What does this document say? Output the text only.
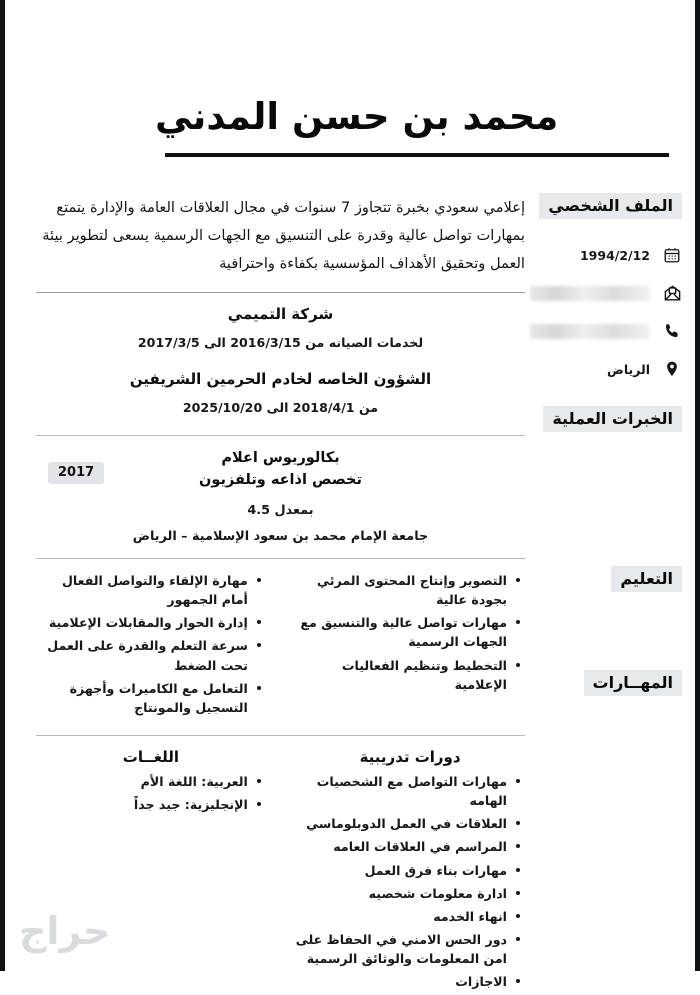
محمد بن حسن المدني
الملف الشخصي
1994/2/12

الرياض
الخبرات العملية
التعليم
المهــارات
إعلامي سعودي بخبرة تتجاوز 7 سنوات في مجال العلاقات العامة والإدارة يتمتع بمهارات تواصل عالية وقدرة على التنسيق مع الجهات الرسمية يسعى لتطوير بيئة العمل وتحقيق الأهداف المؤسسية بكفاءة واحترافية
شركة التميمي
لخدمات الصيانه من 2016/3/15 الى 2017/3/5
الشؤون الخاصه لخادم الحرمين الشريفين
من 2018/4/1 الى 2025/10/20
2017
بكالوريوس اعلام
تخصص اذاعه وتلفزيون
بمعدل 4.5
جامعة الإمام محمد بن سعود الإسلامية – الرياض
التصوير وإنتاج المحتوى المرئي بجودة عالية
مهارات تواصل عالية والتنسيق مع الجهات الرسمية
التخطيط وتنظيم الفعاليات الإعلامية
مهارة الإلقاء والتواصل الفعال أمام الجمهور
إدارة الحوار والمقابلات الإعلامية
سرعة التعلم والقدرة على العمل تحت الضغط
التعامل مع الكاميرات وأجهزة التسجيل والمونتاج
دورات تدريبية
مهارات التواصل مع الشخصيات الهامه
العلاقات في العمل الدوبلوماسي
المراسم في العلاقات العامه
مهارات بناء فرق العمل
ادارة معلومات شخصيه
انهاء الخدمه
دور الحس الامني في الحفاظ على امن المعلومات والوثائق الرسمية
الاجازات
اللغــات
العربية: اللغة الأم
الإنجليزية: جيد جداً
حراج
